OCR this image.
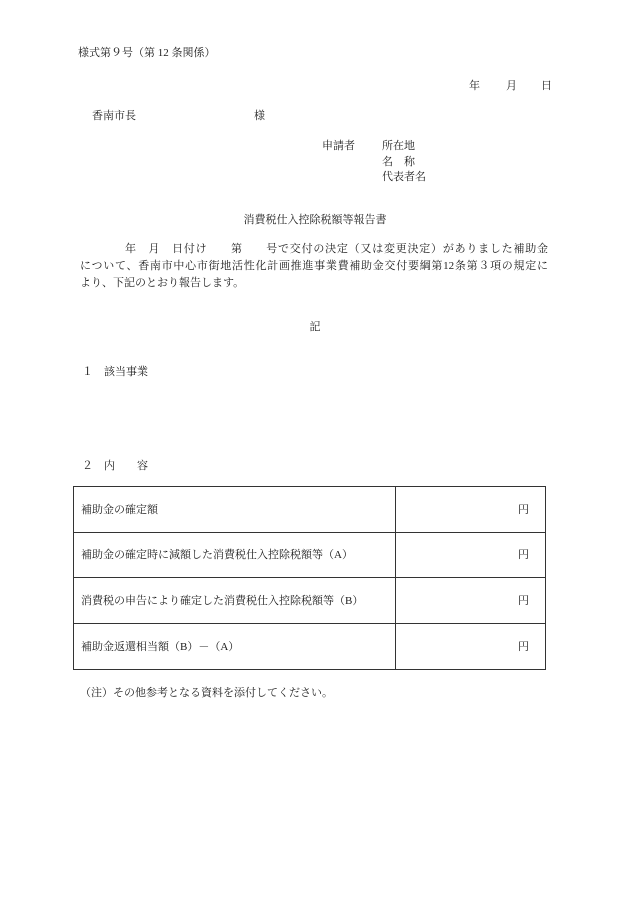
様式第９号（第 12 条関係）
年 月 日
香南市長	様
申請者 所在地
名　称
代表者名
消費税仕入控除税額等報告書
年　月　日付け　　第　　号で交付の決定（又は変更決定）がありました補助金
について、香南市中心市街地活性化計画推進事業費補助金交付要綱第12条第３項の規定に
より、下記のとおり報告します。
記
１　該当事業
２　内　　容
補助金の確定額	円
補助金の確定時に減額した消費税仕入控除税額等（A）	円
消費税の申告により確定した消費税仕入控除税額等（B）	円
補助金返還相当額（B）－（A）	円
（注）その他参考となる資料を添付してください。
